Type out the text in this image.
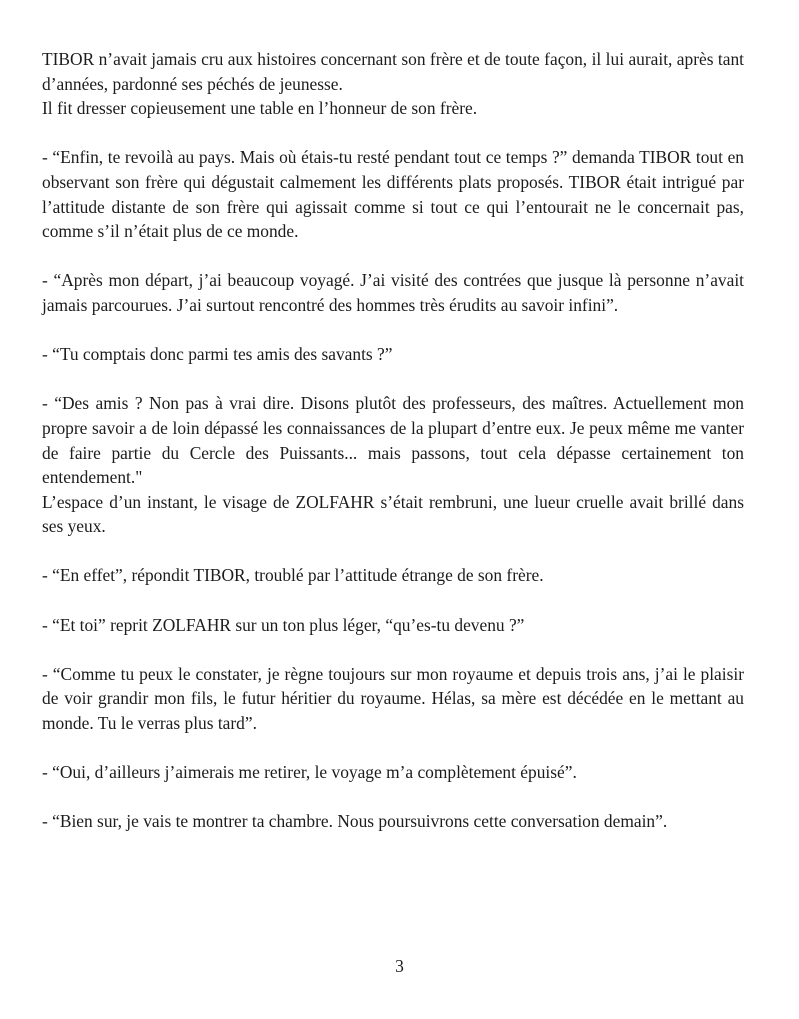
TIBOR n’avait jamais cru aux histoires concernant son frère et de toute façon, il lui aurait, après tant d’années, pardonné ses péchés de jeunesse.
Il fit dresser copieusement une table en l’honneur de son frère.

- “Enfin, te revoilà au pays. Mais où étais-tu resté pendant tout ce temps ?” demanda TIBOR tout en observant son frère qui dégustait calmement les différents plats proposés. TIBOR était intrigué par l’attitude distante de son frère qui agissait comme si tout ce qui l’entourait ne le concernait pas, comme s’il n’était plus de ce monde.

- “Après mon départ, j’ai beaucoup voyagé. J’ai visité des contrées que jusque là personne n’avait jamais parcourues. J’ai surtout rencontré des hommes très érudits au savoir infini”.

- “Tu comptais donc parmi tes amis des savants ?”

- “Des amis ? Non pas à vrai dire. Disons plutôt des professeurs, des maîtres. Actuellement mon propre savoir a de loin dépassé les connaissances de la plupart d’entre eux. Je peux même me vanter de faire partie du Cercle des Puissants... mais passons, tout cela dépasse certainement ton entendement."
L’espace d’un instant, le visage de ZOLFAHR s’était rembruni, une lueur cruelle avait brillé dans ses yeux.

- “En effet”, répondit TIBOR, troublé par l’attitude étrange de son frère.

- “Et toi” reprit ZOLFAHR sur un ton plus léger, “qu’es-tu devenu ?”

- “Comme tu peux le constater, je règne toujours sur mon royaume et depuis trois ans, j’ai le plaisir de voir grandir mon fils, le futur héritier du royaume. Hélas, sa mère est décédée en le mettant au monde. Tu le verras plus tard”.

- “Oui, d’ailleurs j’aimerais me retirer, le voyage m’a complètement épuisé”.

- “Bien sur, je vais te montrer ta chambre. Nous poursuivrons cette conversation demain”.

3
